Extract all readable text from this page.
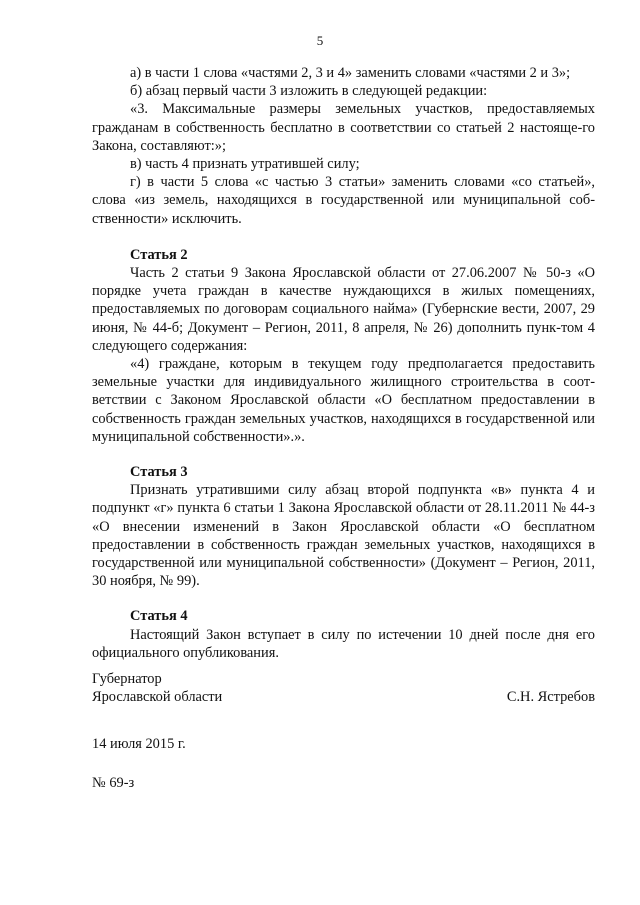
5

а) в части 1 слова «частями 2, 3 и 4» заменить словами «частями 2 и 3»;

б) абзац первый части 3 изложить в следующей редакции:

«3. Максимальные размеры земельных участков, предоставляемых гражданам в собственность бесплатно в соответствии со статьей 2 настояще-го Закона, составляют:»;

в) часть 4 признать утратившей силу;

г) в части 5 слова «с частью 3 статьи» заменить словами «со статьей», слова «из земель, находящихся в государственной или муниципальной соб-ственности» исключить.

Статья 2

Часть 2 статьи 9 Закона Ярославской области от 27.06.2007 № 50-з «О порядке учета граждан в качестве нуждающихся в жилых помещениях, предоставляемых по договорам социального найма» (Губернские вести, 2007, 29 июня, № 44-б; Документ – Регион, 2011, 8 апреля, № 26) дополнить пунк-том 4 следующего содержания:

«4) граждане, которым в текущем году предполагается предоставить земельные участки для индивидуального жилищного строительства в соот-ветствии с Законом Ярославской области «О бесплатном предоставлении в собственность граждан земельных участков, находящихся в государственной или муниципальной собственности».».

Статья 3

Признать утратившими силу абзац второй подпункта «в» пункта 4 и подпункт «г» пункта 6 статьи 1 Закона Ярославской области от 28.11.2011 № 44-з «О внесении изменений в Закон Ярославской области «О бесплатном предоставлении в собственность граждан земельных участков, находящихся в государственной или муниципальной собственности» (Документ – Регион, 2011, 30 ноября, № 99).

Статья 4

Настоящий Закон вступает в силу по истечении 10 дней после дня его официального опубликования.

Губернатор
Ярославской области	С.Н. Ястребов
14 июля 2015 г.
№ 69-з
